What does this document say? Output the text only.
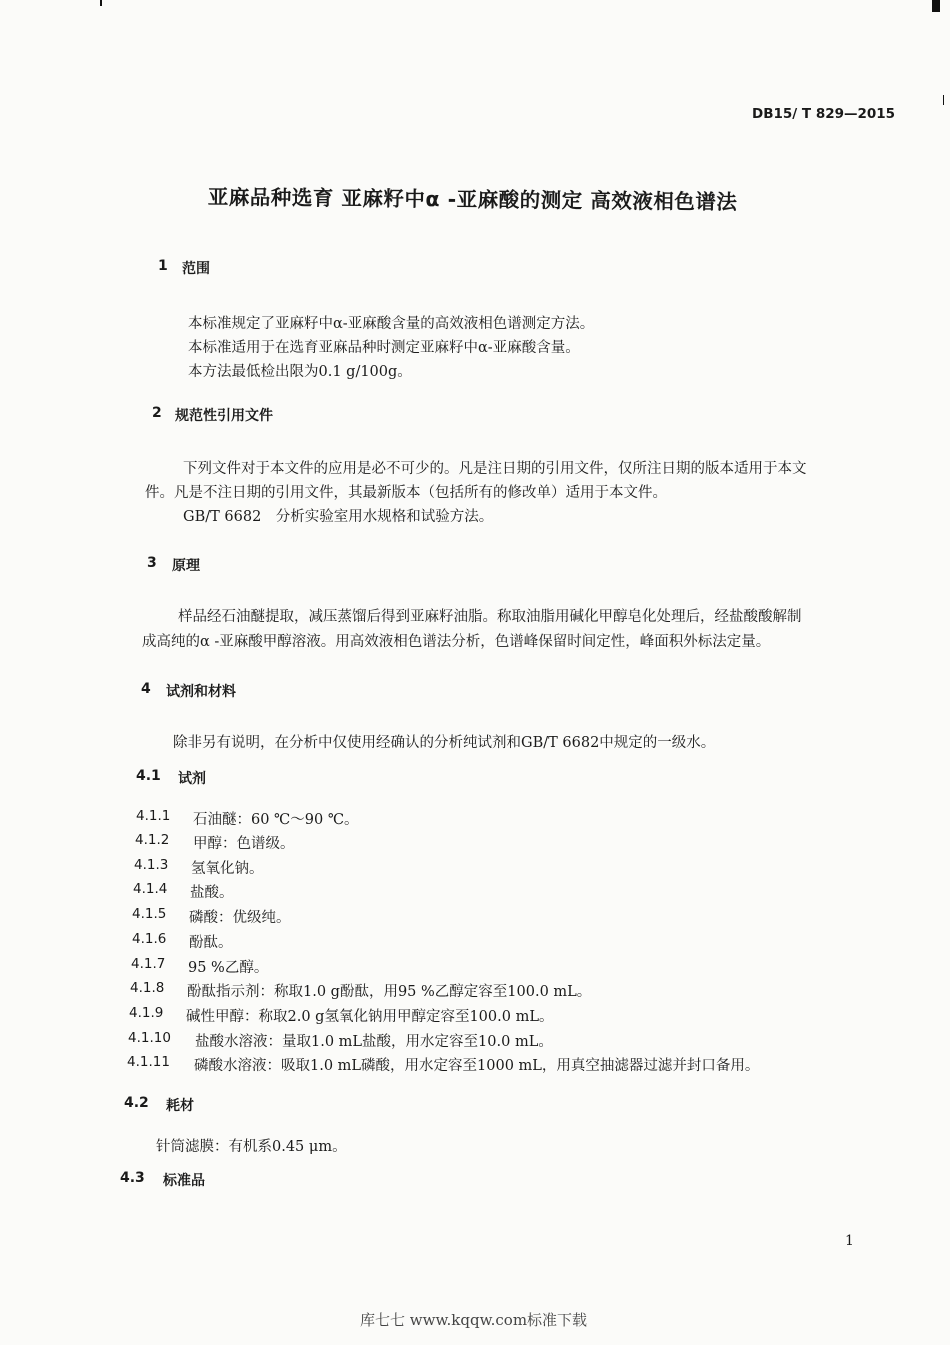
DB15/ T 829—2015
亚麻品种选育 亚麻籽中α -亚麻酸的测定 高效液相色谱法
1 范围
本标准规定了亚麻籽中α-亚麻酸含量的高效液相色谱测定方法。
本标准适用于在选育亚麻品种时测定亚麻籽中α-亚麻酸含量。
本方法最低检出限为0.1 g/100g。
2 规范性引用文件
下列文件对于本文件的应用是必不可少的。凡是注日期的引用文件，仅所注日期的版本适用于本文
件。凡是不注日期的引用文件，其最新版本（包括所有的修改单）适用于本文件。
GB/T 6682　分析实验室用水规格和试验方法。
3 原理
样品经石油醚提取，减压蒸馏后得到亚麻籽油脂。称取油脂用碱化甲醇皂化处理后，经盐酸酸解制
成高纯的α -亚麻酸甲醇溶液。用高效液相色谱法分析，色谱峰保留时间定性，峰面积外标法定量。
4 试剂和材料
除非另有说明，在分析中仅使用经确认的分析纯试剂和GB/T 6682中规定的一级水。
4.1 试剂
4.1.1 石油醚：60 ℃～90 ℃。
4.1.2 甲醇：色谱级。
4.1.3 氢氧化钠。
4.1.4 盐酸。
4.1.5 磷酸：优级纯。
4.1.6 酚酞。
4.1.7 95 %乙醇。
4.1.8 酚酞指示剂：称取1.0 g酚酞，用95 %乙醇定容至100.0 mL。
4.1.9 碱性甲醇：称取2.0 g氢氧化钠用甲醇定容至100.0 mL。
4.1.10 盐酸水溶液：量取1.0 mL盐酸，用水定容至10.0 mL。
4.1.11 磷酸水溶液：吸取1.0 mL磷酸，用水定容至1000 mL，用真空抽滤器过滤并封口备用。
4.2 耗材
针筒滤膜：有机系0.45 μm。
4.3 标准品
1
库七七 www.kqqw.com标准下载
